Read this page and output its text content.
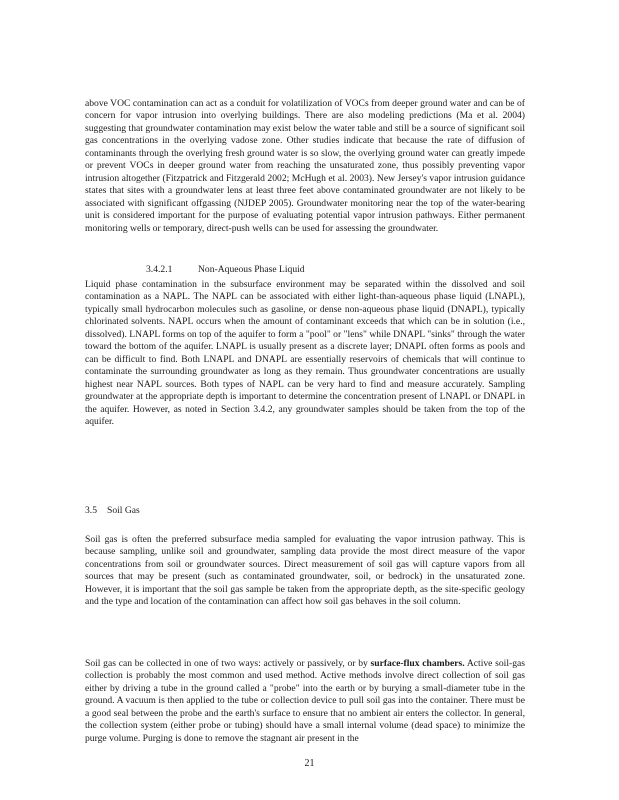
above VOC contamination can act as a conduit for volatilization of VOCs from deeper ground water and can be of concern for vapor intrusion into overlying buildings. There are also modeling predictions (Ma et al. 2004) suggesting that groundwater contamination may exist below the water table and still be a source of significant soil gas concentrations in the overlying vadose zone. Other studies indicate that because the rate of diffusion of contaminants through the overlying fresh ground water is so slow, the overlying ground water can greatly impede or prevent VOCs in deeper ground water from reaching the unsaturated zone, thus possibly preventing vapor intrusion altogether (Fitzpatrick and Fitzgerald 2002; McHugh et al. 2003). New Jersey's vapor intrusion guidance states that sites with a groundwater lens at least three feet above contaminated groundwater are not likely to be associated with significant offgassing (NJDEP 2005). Groundwater monitoring near the top of the water-bearing unit is considered important for the purpose of evaluating potential vapor intrusion pathways. Either permanent monitoring wells or temporary, direct-push wells can be used for assessing the groundwater.

3.4.2.1	Non-Aqueous Phase Liquid

Liquid phase contamination in the subsurface environment may be separated within the dissolved and soil contamination as a NAPL. The NAPL can be associated with either light-than-aqueous phase liquid (LNAPL), typically small hydrocarbon molecules such as gasoline, or dense non-aqueous phase liquid (DNAPL), typically chlorinated solvents. NAPL occurs when the amount of contaminant exceeds that which can be in solution (i.e., dissolved). LNAPL forms on top of the aquifer to form a "pool" or "lens" while DNAPL "sinks" through the water toward the bottom of the aquifer. LNAPL is usually present as a discrete layer; DNAPL often forms as pools and can be difficult to find. Both LNAPL and DNAPL are essentially reservoirs of chemicals that will continue to contaminate the surrounding groundwater as long as they remain. Thus groundwater concentrations are usually highest near NAPL sources. Both types of NAPL can be very hard to find and measure accurately. Sampling groundwater at the appropriate depth is important to determine the concentration present of LNAPL or DNAPL in the aquifer. However, as noted in Section 3.4.2, any groundwater samples should be taken from the top of the aquifer.

3.5 Soil Gas

Soil gas is often the preferred subsurface media sampled for evaluating the vapor intrusion pathway. This is because sampling, unlike soil and groundwater, sampling data provide the most direct measure of the vapor concentrations from soil or groundwater sources. Direct measurement of soil gas will capture vapors from all sources that may be present (such as contaminated groundwater, soil, or bedrock) in the unsaturated zone. However, it is important that the soil gas sample be taken from the appropriate depth, as the site-specific geology and the type and location of the contamination can affect how soil gas behaves in the soil column.

Soil gas can be collected in one of two ways: actively or passively, or by surface-flux chambers. Active soil-gas collection is probably the most common and used method. Active methods involve direct collection of soil gas either by driving a tube in the ground called a "probe" into the earth or by burying a small-diameter tube in the ground. A vacuum is then applied to the tube or collection device to pull soil gas into the container. There must be a good seal between the probe and the earth's surface to ensure that no ambient air enters the collector. In general, the collection system (either probe or tubing) should have a small internal volume (dead space) to minimize the purge volume. Purging is done to remove the stagnant air present in the

21
